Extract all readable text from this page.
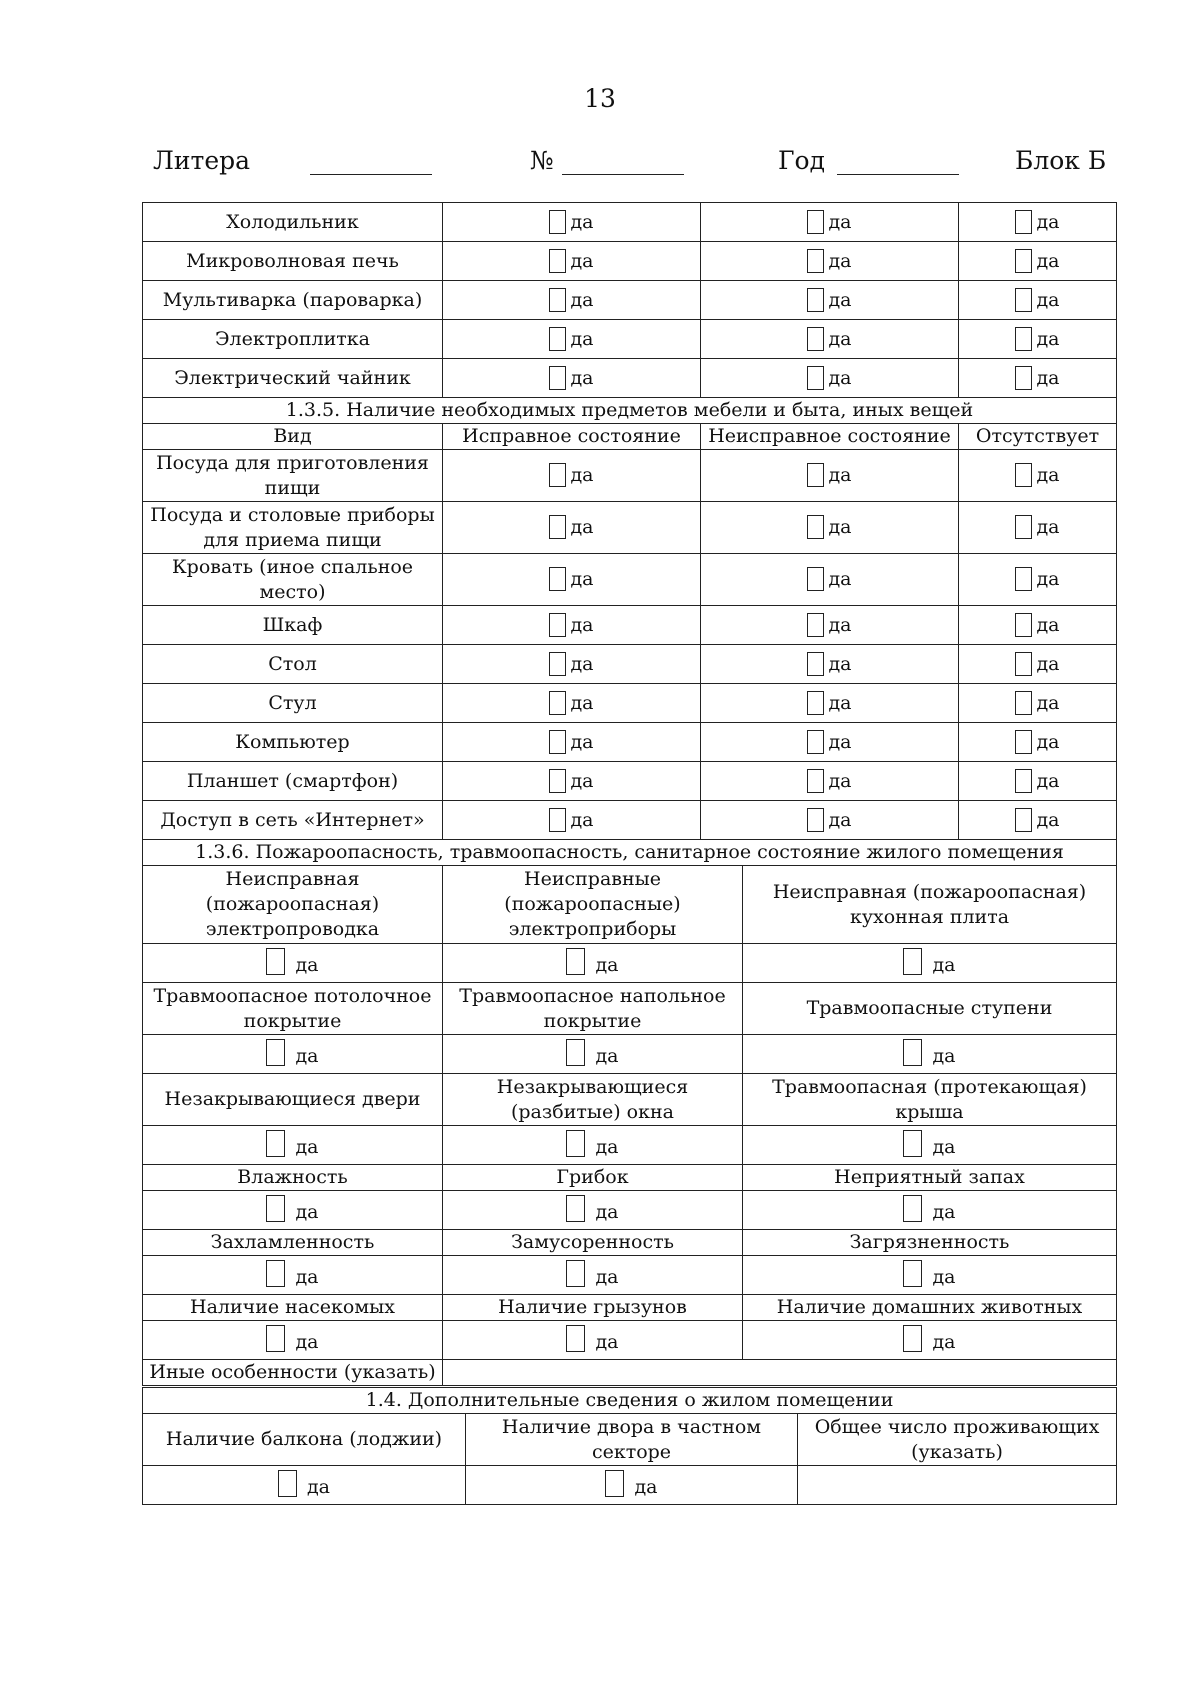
13
Литера	№	Год	Блок Б
Холодильник	да	да	да
Микроволновая печь	да	да	да
Мультиварка (пароварка)	да	да	да
Электроплитка	да	да	да
Электрический чайник	да	да	да
1.3.5. Наличие необходимых предметов мебели и быта, иных вещей			
Вид	Исправное состояние	Неисправное состояние	Отсутствует
Посуда для приготовления пищи	да	да	да
Посуда и столовые приборы для приема пищи	да	да	да
Кровать (иное спальное место)	да	да	да
Шкаф	да	да	да
Стол	да	да	да
Стул	да	да	да
Компьютер	да	да	да
Планшет (смартфон)	да	да	да
Доступ в сеть «Интернет»	да	да	да
1.3.6. Пожароопасность, травмоопасность, санитарное состояние жилого помещения		
Неисправная (пожароопасная) электропроводка	Неисправные (пожароопасные) электроприборы	Неисправная (пожароопасная) кухонная плита
да	да	да
Травмоопасное потолочное покрытие	Травмоопасное напольное покрытие	Травмоопасные ступени
да	да	да
Незакрывающиеся двери	Незакрывающиеся (разбитые) окна	Травмоопасная (протекающая) крыша
да	да	да
Влажность	Грибок	Неприятный запах
да	да	да
Захламленность	Замусоренность	Загрязненность
да	да	да
Наличие насекомых	Наличие грызунов	Наличие домашних животных
да	да	да
Иные особенности (указать)		
1.4. Дополнительные сведения о жилом помещении		
Наличие балкона (лоджии)	Наличие двора в частном секторе	Общее число проживающих (указать)
да	да	
